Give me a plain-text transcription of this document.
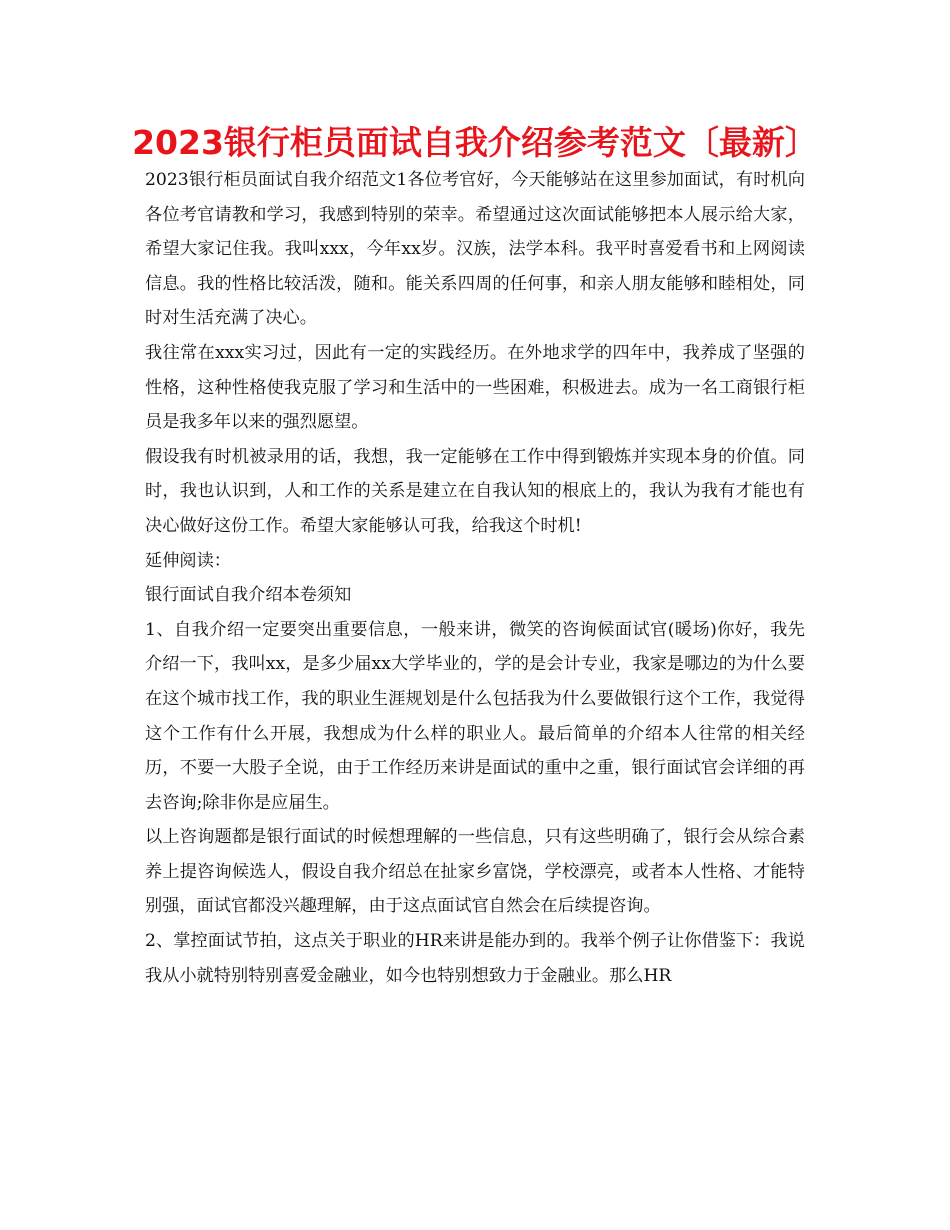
2023银行柜员面试自我介绍参考范文〔最新〕

2023银行柜员面试自我介绍范文1各位考官好，今天能够站在这里参加面试，有时机向各位考官请教和学习，我感到特别的荣幸。希望通过这次面试能够把本人展示给大家，希望大家记住我。我叫xxx，今年xx岁。汉族，法学本科。我平时喜爱看书和上网阅读信息。我的性格比较活泼，随和。能关系四周的任何事，和亲人朋友能够和睦相处，同时对生活充满了决心。

我往常在xxx实习过，因此有一定的实践经历。在外地求学的四年中，我养成了坚强的性格，这种性格使我克服了学习和生活中的一些困难，积极进去。成为一名工商银行柜员是我多年以来的强烈愿望。

假设我有时机被录用的话，我想，我一定能够在工作中得到锻炼并实现本身的价值。同时，我也认识到，人和工作的关系是建立在自我认知的根底上的，我认为我有才能也有决心做好这份工作。希望大家能够认可我，给我这个时机!

延伸阅读：

银行面试自我介绍本卷须知

1、自我介绍一定要突出重要信息，一般来讲，微笑的咨询候面试官(暖场)你好，我先介绍一下，我叫xx，是多少届xx大学毕业的，学的是会计专业，我家是哪边的为什么要在这个城市找工作，我的职业生涯规划是什么包括我为什么要做银行这个工作，我觉得这个工作有什么开展，我想成为什么样的职业人。最后简单的介绍本人往常的相关经历，不要一大股子全说，由于工作经历来讲是面试的重中之重，银行面试官会详细的再去咨询;除非你是应届生。

以上咨询题都是银行面试的时候想理解的一些信息，只有这些明确了，银行会从综合素养上提咨询候选人，假设自我介绍总在扯家乡富饶，学校漂亮，或者本人性格、才能特别强，面试官都没兴趣理解，由于这点面试官自然会在后续提咨询。

2、掌控面试节拍，这点关于职业的HR来讲是能办到的。我举个例子让你借鉴下：我说我从小就特别特别喜爱金融业，如今也特别想致力于金融业。那么HR
